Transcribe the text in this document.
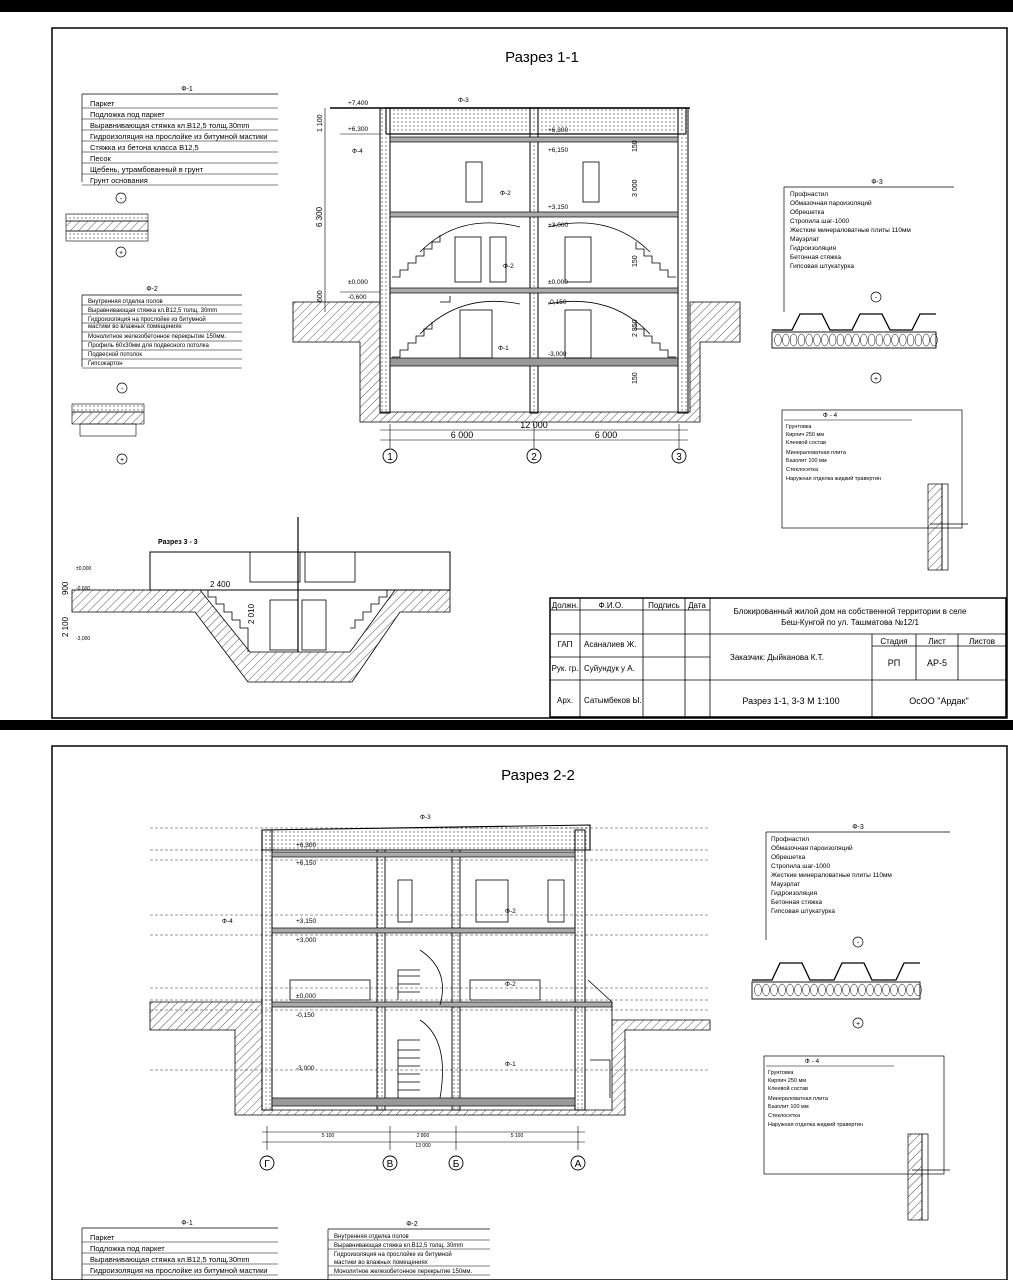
Разрез 1-1
Ф-1
Паркет
Подложка под паркет
Выравнивающая стяжка кл.В12,5 толщ.30mm
Гидроизоляция на прослойке из битумной мастики
Стяжка из бетона класса В12,5
Песок
Щебень, утрамбованный в грунт
Грунт основания
-
+
Ф-2
Внутренняя отделка полов
Выравнивающая стяжка кл.В12,5 толщ. 30mm
Гидроизоляция на прослойке из битумной
мастики во влажных помещениях
Монолитное железобетонное перекрытие 150мм.
Профиль 60х30мм для подвесного потолка
Подвесной потолок
Гипсокартон
-
+
+7,400
+6,300	+6,300
+6,150
+3,150
+3,000
±0,000	±0,000
-0,150
-0,600
-3,000
1 100
6 300
600
150
3 000
150
2 850
150
Ф-3
Ф-4
Ф-2
Ф-2
Ф-1
12 000
6 000	6 000
1	2	3
Ф-3
Профнастил
Обмазочная пароизоляций
Обрешетка
Стропила шаг-1000
Жесткие минераловатные плиты 110мм
Мауэрлат
Гидроизоляция
Бетонная стяжка
Гипсовая штукатурка
-
+
Ф - 4
Грунтовка
Кирпич 250 мм
Клеевой состав
Минераловатная плита
Базолит 100 мм
Стеклосетка
Наружная отделка жидкий травертин
Разрез 3 - 3
±0,000
-0,600
-3,000
900
2 100
2 400
2 010	Должн.	Ф.И.О.	Подпись Дата
ГАП Асаналиев Ж.
Рук. гр. Суйундук у А.
Арх. Сатымбеков Ы.
Блокированный жилой дом на собственной территории в селе
Беш-Кунгой по ул. Ташматова №12/1
Заказчик: Дыйканова К.Т.
Стадия	Лист	Листов
РП	АР-5
Разрез 1-1, 3-3 М 1:100	ОсОО "Ардак"
Разрез 2-2
+6,300
+6,150
+3,150
+3,000
±0,000
-0,150
-3,000
Ф-3
Ф-4
Ф-2
Ф-2
Ф-1
5 100	2 800	5 100
13 000
Г	В	Б	А
Ф-3
Профнастил
Обмазочная пароизоляций
Обрешетка
Стропила шаг-1000
Жесткие минераловатные плиты 110мм
Мауэрлат
Гидроизоляция
Бетонная стяжка
Гипсовая штукатурка
-
+
Ф - 4
Грунтовка
Кирпич 250 мм
Клеевой состав
Минераловатная плита
Базолит 100 мм
Стеклосетка
Наружная отделка жидкий травертин
Ф-1
Паркет
Подложка под паркет
Выравнивающая стяжка кл.В12,5 толщ.30mm
Гидроизоляция на прослойке из битумной мастики
Ф-2
Внутренняя отделка полов
Выравнивающая стяжка кл.В12,5 толщ. 30mm
Гидроизоляция на прослойке из битумной
мастики во влажных помещениях
Монолитное железобетонное перекрытие 150мм.
